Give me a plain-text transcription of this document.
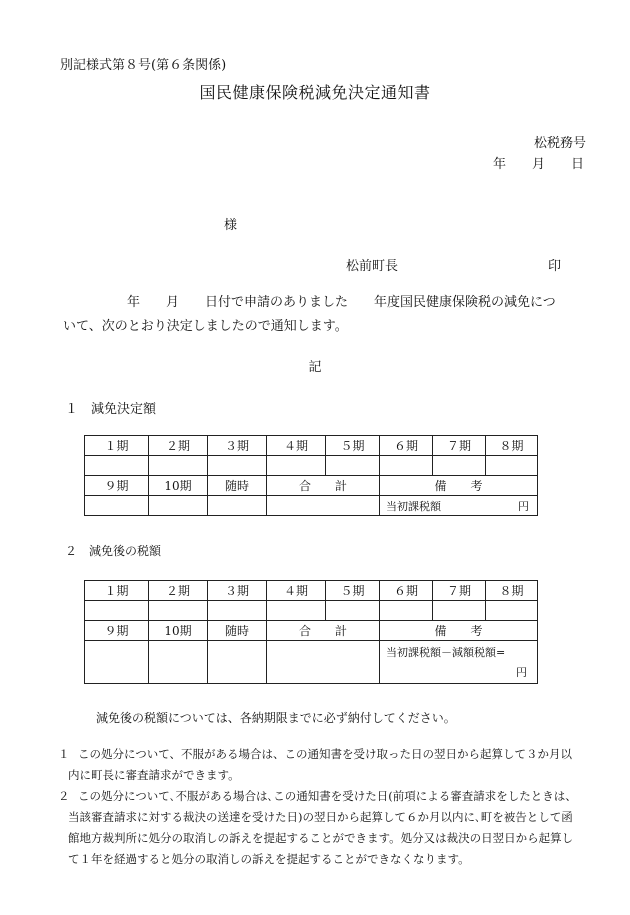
別記様式第８号(第６条関係)
国民健康保険税減免決定通知書
松税務号
年 月 日
様
松前町長	印
年　　月　　日付で申請のありました　　年度国民健康保険税の減免につ
いて、次のとおり決定しましたので通知します。
記
１　減免決定額
１期	２期	３期	４期	５期	６期	７期	８期

９期	10期	随時	合　　計		備　　考		
					当初課税額 円		
２　減免後の税額
１期	２期	３期	４期	５期	６期	７期	８期

９期	10期	随時	合　　計		備　　考		

					当初課税額－減額税額=
円		
減免後の税額については、各納期限までに必ず納付してください。

１ この処分について、不服がある場合は、この通知書を受け取った日の翌日から起算して３か月以
内に町長に審査請求ができます。

２ この処分について､不服がある場合は､この通知書を受けた日(前項による審査請求をしたときは、
当該審査請求に対する裁決の送達を受けた日)の翌日から起算して６か月以内に､町を被告として函
館地方裁判所に処分の取消しの訴えを提起することができます。処分又は裁決の日翌日から起算し
て１年を経過すると処分の取消しの訴えを提起することができなくなります。
